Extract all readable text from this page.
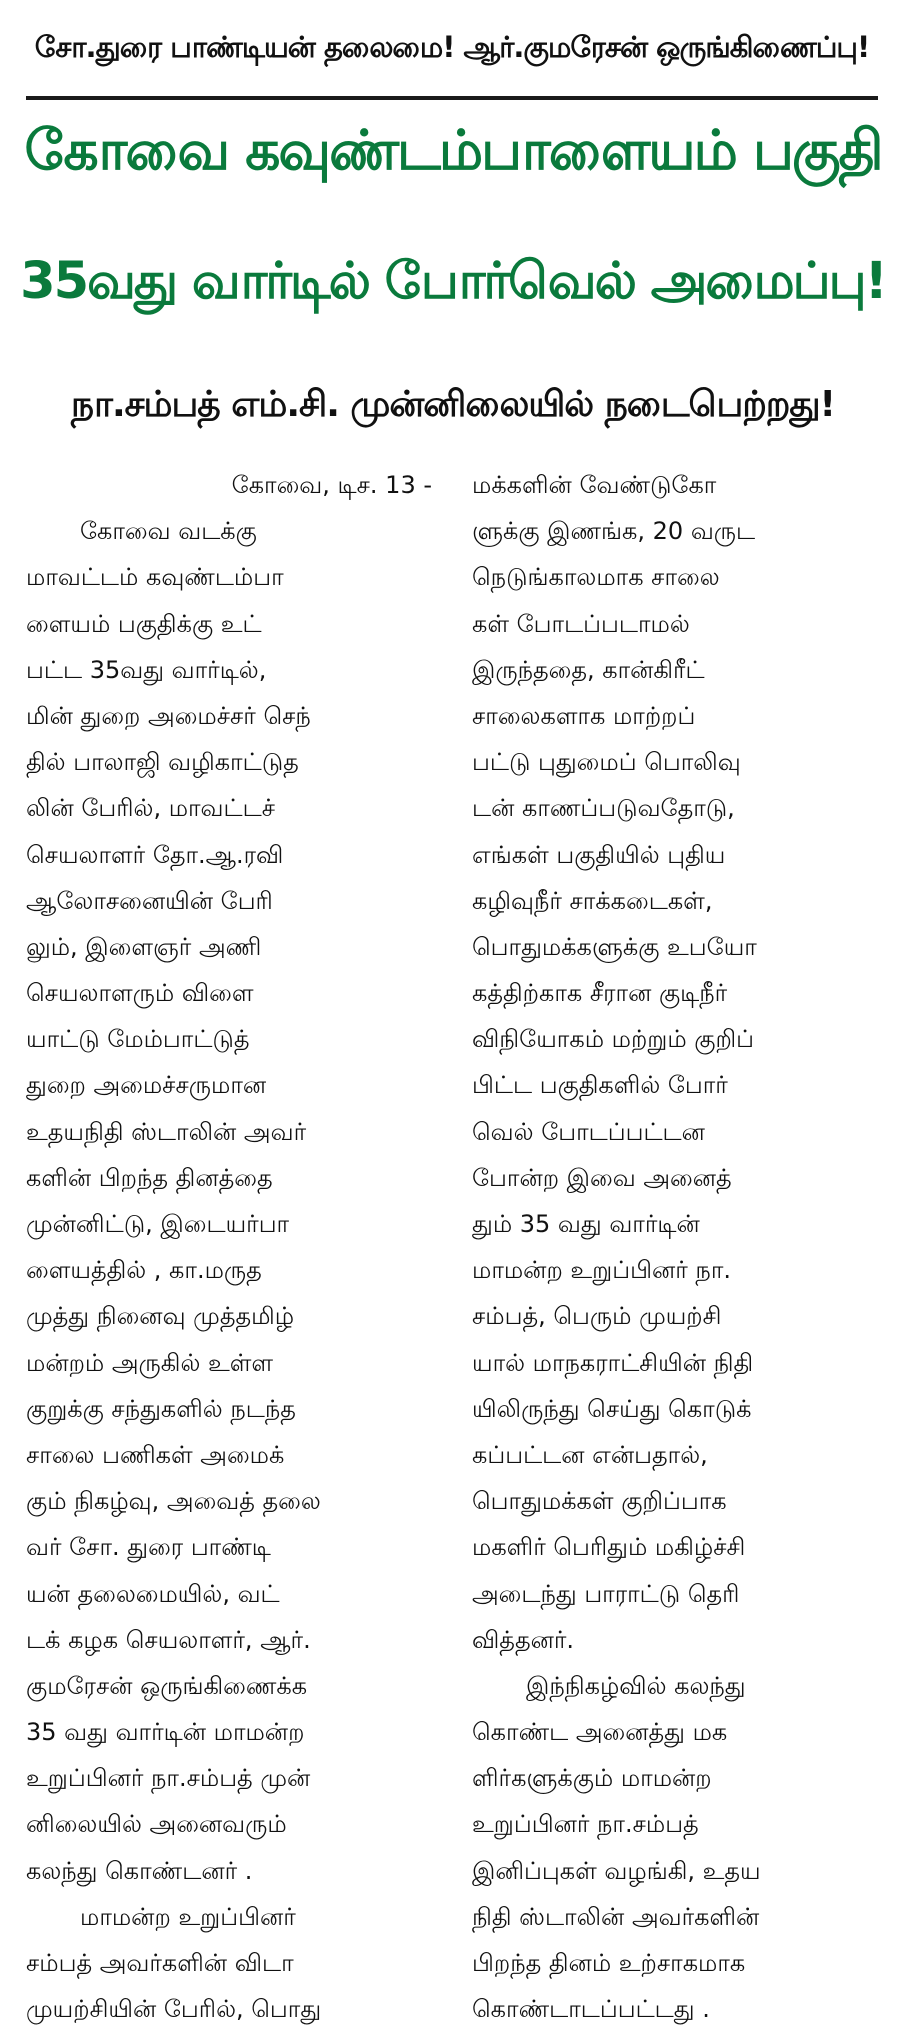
சோ.துரை பாண்டியன் தலைமை! ஆர்.குமரேசன் ஒருங்கிணைப்பு!
கோவை கவுண்டம்பாளையம் பகுதி
35வது வார்டில் போர்வெல் அமைப்பு!
நா.சம்பத் எம்.சி. முன்னிலையில் நடைபெற்றது!
கோவை, டிச. 13 -
கோவை வடக்கு
மாவட்டம் கவுண்டம்பா
ளையம் பகுதிக்கு உட்
பட்ட 35வது வார்டில்,
மின் துறை அமைச்சர் செந்
தில் பாலாஜி வழிகாட்டுத
லின் பேரில், மாவட்டச்
செயலாளர் தோ.ஆ.ரவி
ஆலோசனையின் பேரி
லும், இளைஞர் அணி
செயலாளரும் விளை
யாட்டு மேம்பாட்டுத்
துறை அமைச்சருமான
உதயநிதி ஸ்டாலின் அவர்
களின் பிறந்த தினத்தை
முன்னிட்டு, இடையர்பா
ளையத்தில் , கா.மருத
முத்து நினைவு முத்தமிழ்
மன்றம் அருகில் உள்ள
குறுக்கு சந்துகளில் நடந்த
சாலை பணிகள் அமைக்
கும் நிகழ்வு, அவைத் தலை
வர் சோ. துரை பாண்டி
யன் தலைமையில், வட்
டக் கழக செயலாளர், ஆர்.
குமரேசன் ஒருங்கிணைக்க
35 வது வார்டின் மாமன்ற
உறுப்பினர் நா.சம்பத் முன்
னிலையில் அனைவரும்
கலந்து கொண்டனர் .
மாமன்ற உறுப்பினர்
சம்பத் அவர்களின் விடா
முயற்சியின் பேரில், பொது
மக்களின் வேண்டுகோ
ளுக்கு இணங்க, 20 வருட
நெடுங்காலமாக சாலை
கள் போடப்படாமல்
இருந்ததை, கான்கிரீட்
சாலைகளாக மாற்றப்
பட்டு புதுமைப் பொலிவு
டன் காணப்படுவதோடு,
எங்கள் பகுதியில் புதிய
கழிவுநீர் சாக்கடைகள்,
பொதுமக்களுக்கு உபயோ
கத்திற்காக சீரான குடிநீர்
விநியோகம் மற்றும் குறிப்
பிட்ட பகுதிகளில் போர்
வெல் போடப்பட்டன
போன்ற இவை அனைத்
தும் 35 வது வார்டின்
மாமன்ற உறுப்பினர் நா.
சம்பத், பெரும் முயற்சி
யால் மாநகராட்சியின் நிதி
யிலிருந்து செய்து கொடுக்
கப்பட்டன என்பதால்,
பொதுமக்கள் குறிப்பாக
மகளிர் பெரிதும் மகிழ்ச்சி
அடைந்து பாராட்டு தெரி
வித்தனர்.
இந்நிகழ்வில் கலந்து
கொண்ட அனைத்து மக
ளிர்களுக்கும் மாமன்ற
உறுப்பினர் நா.சம்பத்
இனிப்புகள் வழங்கி, உதய
நிதி ஸ்டாலின் அவர்களின்
பிறந்த தினம் உற்சாகமாக
கொண்டாடப்பட்டது .
